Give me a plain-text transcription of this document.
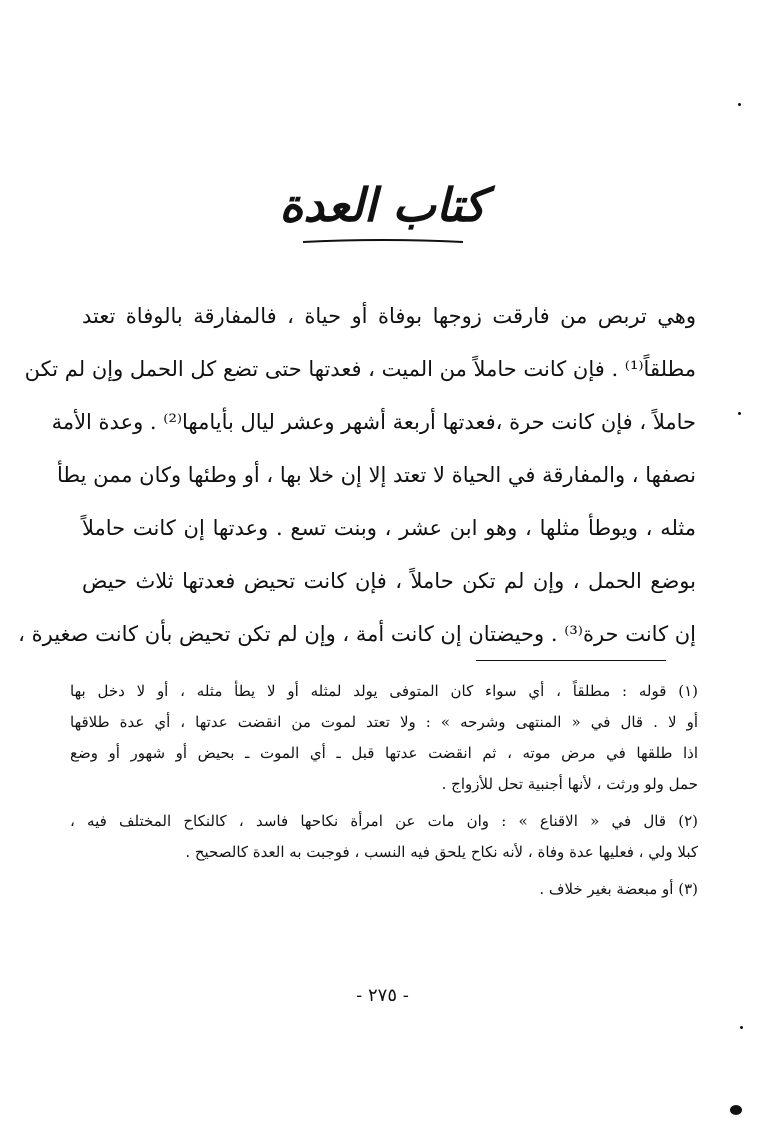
كتاب العدة
وهي تربص من فارقت زوجها بوفاة أو حياة ، فالمفارقة بالوفاة تعتد
مطلقاً⁽¹⁾ . فإن كانت حاملاً من الميت ، فعدتها حتى تضع كل الحمل وإن لم تكن
حاملاً ، فإن كانت حرة ،فعدتها أربعة أشهر وعشر ليال بأيامها⁽²⁾ . وعدة الأمة
نصفها ، والمفارقة في الحياة لا تعتد إلا إن خلا بها ، أو وطئها وكان ممن يطأ
مثله ، ويوطأ مثلها ، وهو ابن عشر ، وبنت تسع . وعدتها إن كانت حاملاً
بوضع الحمل ، وإن لم تكن حاملاً ، فإن كانت تحيض فعدتها ثلاث حيض
إن كانت حرة⁽³⁾ . وحيضتان إن كانت أمة ، وإن لم تكن تحيض بأن كانت صغيرة ،
(١) قوله : مطلقاً ، أي سواء كان المتوفى يولد لمثله أو لا يطأ مثله ، أو لا دخل بها
أو لا . قال في « المنتهى وشرحه » : ولا تعتد لموت من انقضت عدتها ، أي عدة طلاقها
اذا طلقها في مرض موته ، ثم انقضت عدتها قبل ـ أي الموت ـ بحيض أو شهور أو وضع
حمل ولو ورثت ، لأنها أجنبية تحل للأزواج .
(٢) قال في « الاقناع » : وان مات عن امرأة نكاحها فاسد ، كالنكاح المختلف فيه ،
كبلا ولي ، فعليها عدة وفاة ، لأنه نكاح يلحق فيه النسب ، فوجبت به العدة كالصحيح .
(٣) أو مبعضة بغير خلاف .
- ٢٧٥ -
